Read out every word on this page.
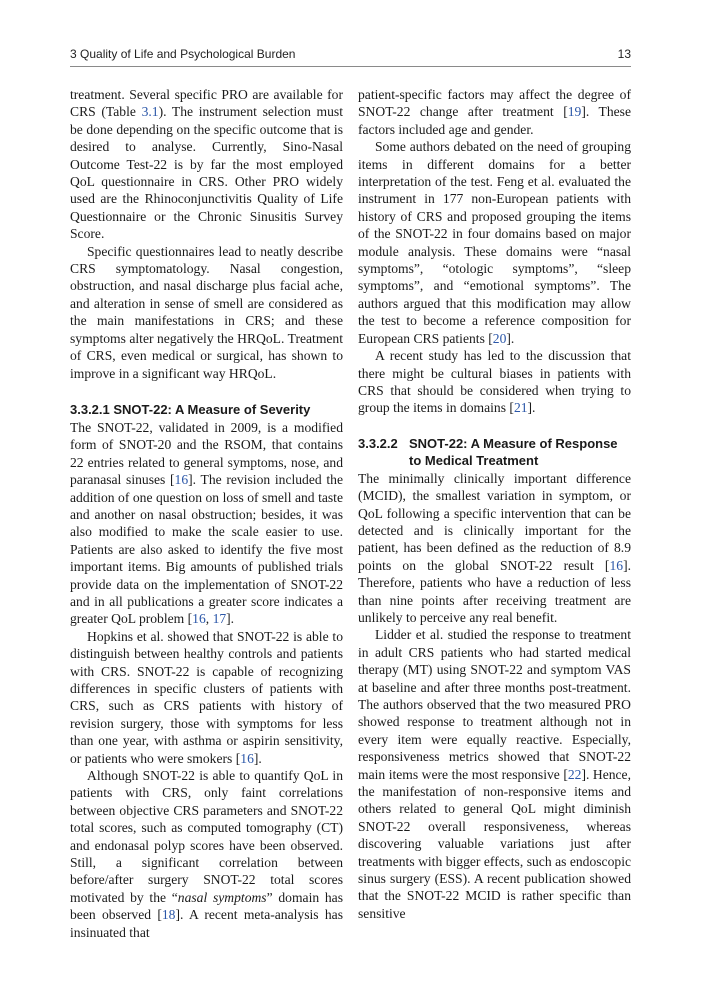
3 Quality of Life and Psychological Burden	13

treatment. Several specific PRO are available for CRS (Table 3.1). The instrument selection must be done depending on the specific outcome that is desired to analyse. Currently, Sino-Nasal Outcome Test-22 is by far the most employed QoL questionnaire in CRS. Other PRO widely used are the Rhinoconjunctivitis Quality of Life Questionnaire or the Chronic Sinusitis Survey Score.

Specific questionnaires lead to neatly describe CRS symptomatology. Nasal congestion, obstruction, and nasal discharge plus facial ache, and alteration in sense of smell are considered as the main manifestations in CRS; and these symptoms alter negatively the HRQoL. Treatment of CRS, even medical or surgical, has shown to improve in a significant way HRQoL.

3.3.2.1 SNOT-22: A Measure of Severity

The SNOT-22, validated in 2009, is a modified form of SNOT-20 and the RSOM, that contains 22 entries related to general symptoms, nose, and paranasal sinuses [16]. The revision included the addition of one question on loss of smell and taste and another on nasal obstruction; besides, it was also modified to make the scale easier to use. Patients are also asked to identify the five most important items. Big amounts of published trials provide data on the implementation of SNOT-22 and in all publications a greater score indicates a greater QoL problem [16, 17].

Hopkins et al. showed that SNOT-22 is able to distinguish between healthy controls and patients with CRS. SNOT-22 is capable of recognizing differences in specific clusters of patients with CRS, such as CRS patients with history of revision surgery, those with symptoms for less than one year, with asthma or aspirin sensitivity, or patients who were smokers [16].

Although SNOT-22 is able to quantify QoL in patients with CRS, only faint correlations between objective CRS parameters and SNOT-22 total scores, such as computed tomography (CT) and endonasal polyp scores have been observed. Still, a significant correlation between before/after surgery SNOT-22 total scores motivated by the “nasal symptoms” domain has been observed [18]. A recent meta-analysis has insinuated that

patient-specific factors may affect the degree of SNOT-22 change after treatment [19]. These factors included age and gender.

Some authors debated on the need of grouping items in different domains for a better interpretation of the test. Feng et al. evaluated the instrument in 177 non-European patients with history of CRS and proposed grouping the items of the SNOT-22 in four domains based on major module analysis. These domains were “nasal symptoms”, “otologic symptoms”, “sleep symptoms”, and “emotional symptoms”. The authors argued that this modification may allow the test to become a reference composition for European CRS patients [20].

A recent study has led to the discussion that there might be cultural biases in patients with CRS that should be considered when trying to group the items in domains [21].

3.3.2.2 SNOT-22: A Measure of Response to Medical Treatment

The minimally clinically important difference (MCID), the smallest variation in symptom, or QoL following a specific intervention that can be detected and is clinically important for the patient, has been defined as the reduction of 8.9 points on the global SNOT-22 result [16]. Therefore, patients who have a reduction of less than nine points after receiving treatment are unlikely to perceive any real benefit.

Lidder et al. studied the response to treatment in adult CRS patients who had started medical therapy (MT) using SNOT-22 and symptom VAS at baseline and after three months post-treatment. The authors observed that the two measured PRO showed response to treatment although not in every item were equally reactive. Especially, responsiveness metrics showed that SNOT-22 main items were the most responsive [22]. Hence, the manifestation of non-responsive items and others related to general QoL might diminish SNOT-22 overall responsiveness, whereas discovering valuable variations just after treatments with bigger effects, such as endoscopic sinus surgery (ESS). A recent publication showed that the SNOT-22 MCID is rather specific than sensitive
